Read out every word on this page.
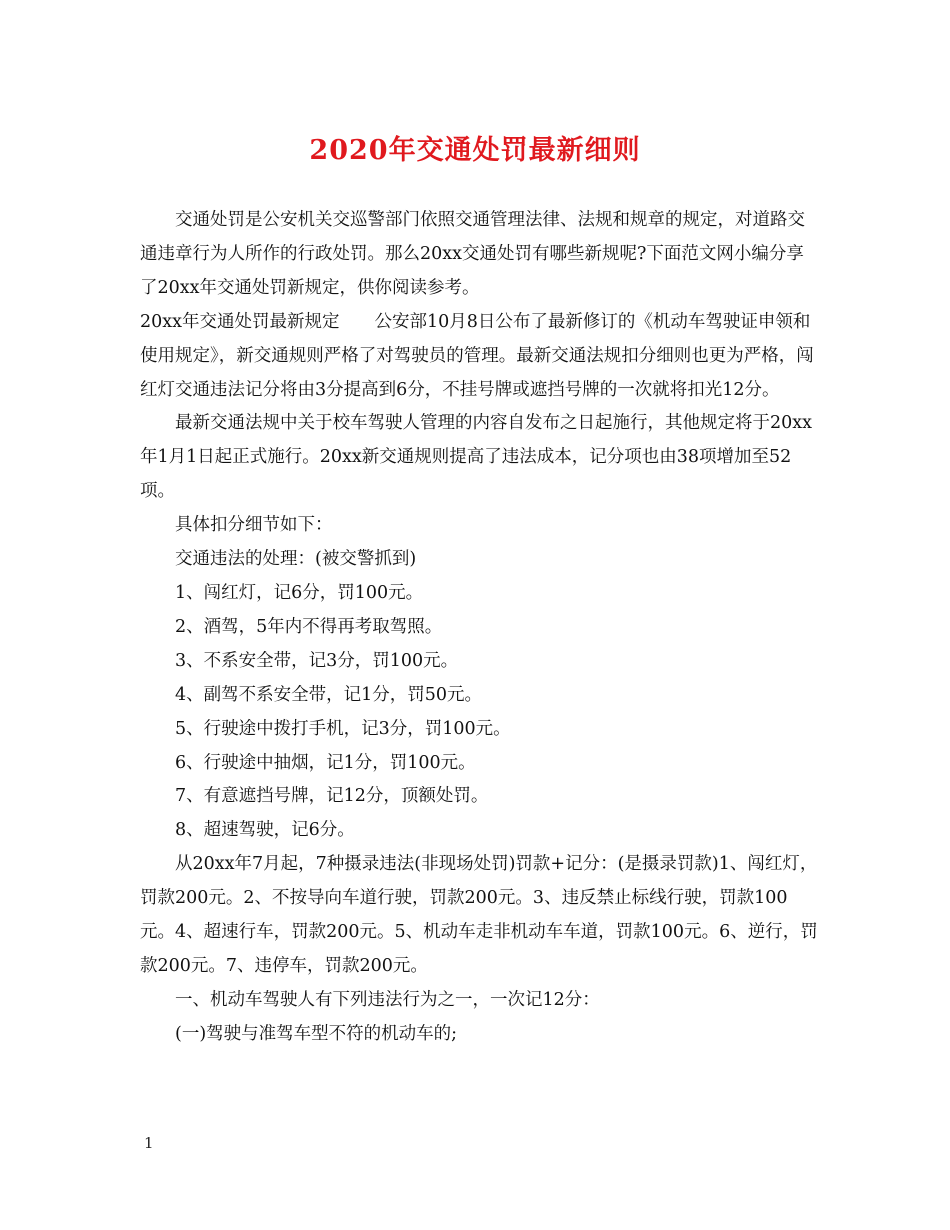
2020年交通处罚最新细则

交通处罚是公安机关交巡警部门依照交通管理法律、法规和规章的规定，对道路交通违章行为人所作的行政处罚。那么20xx交通处罚有哪些新规呢?下面范文网小编分享了20xx年交通处罚新规定，供你阅读参考。

20xx年交通处罚最新规定　　公安部10月8日公布了最新修订的《机动车驾驶证申领和使用规定》，新交通规则严格了对驾驶员的管理。最新交通法规扣分细则也更为严格，闯红灯交通违法记分将由3分提高到6分，不挂号牌或遮挡号牌的一次就将扣光12分。

最新交通法规中关于校车驾驶人管理的内容自发布之日起施行，其他规定将于20xx年1月1日起正式施行。20xx新交通规则提高了违法成本，记分项也由38项增加至52项。

具体扣分细节如下：

交通违法的处理：(被交警抓到)

1、闯红灯，记6分，罚100元。

2、酒驾，5年内不得再考取驾照。

3、不系安全带，记3分，罚100元。

4、副驾不系安全带，记1分，罚50元。

5、行驶途中拨打手机，记3分，罚100元。

6、行驶途中抽烟，记1分，罚100元。

7、有意遮挡号牌，记12分，顶额处罚。

8、超速驾驶，记6分。

从20xx年7月起，7种摄录违法(非现场处罚)罚款+记分：(是摄录罚款)1、闯红灯，罚款200元。2、不按导向车道行驶，罚款200元。3、违反禁止标线行驶，罚款100元。4、超速行车，罚款200元。5、机动车走非机动车车道，罚款100元。6、逆行，罚款200元。7、违停车，罚款200元。

一、机动车驾驶人有下列违法行为之一，一次记12分：

(一)驾驶与准驾车型不符的机动车的;

1
